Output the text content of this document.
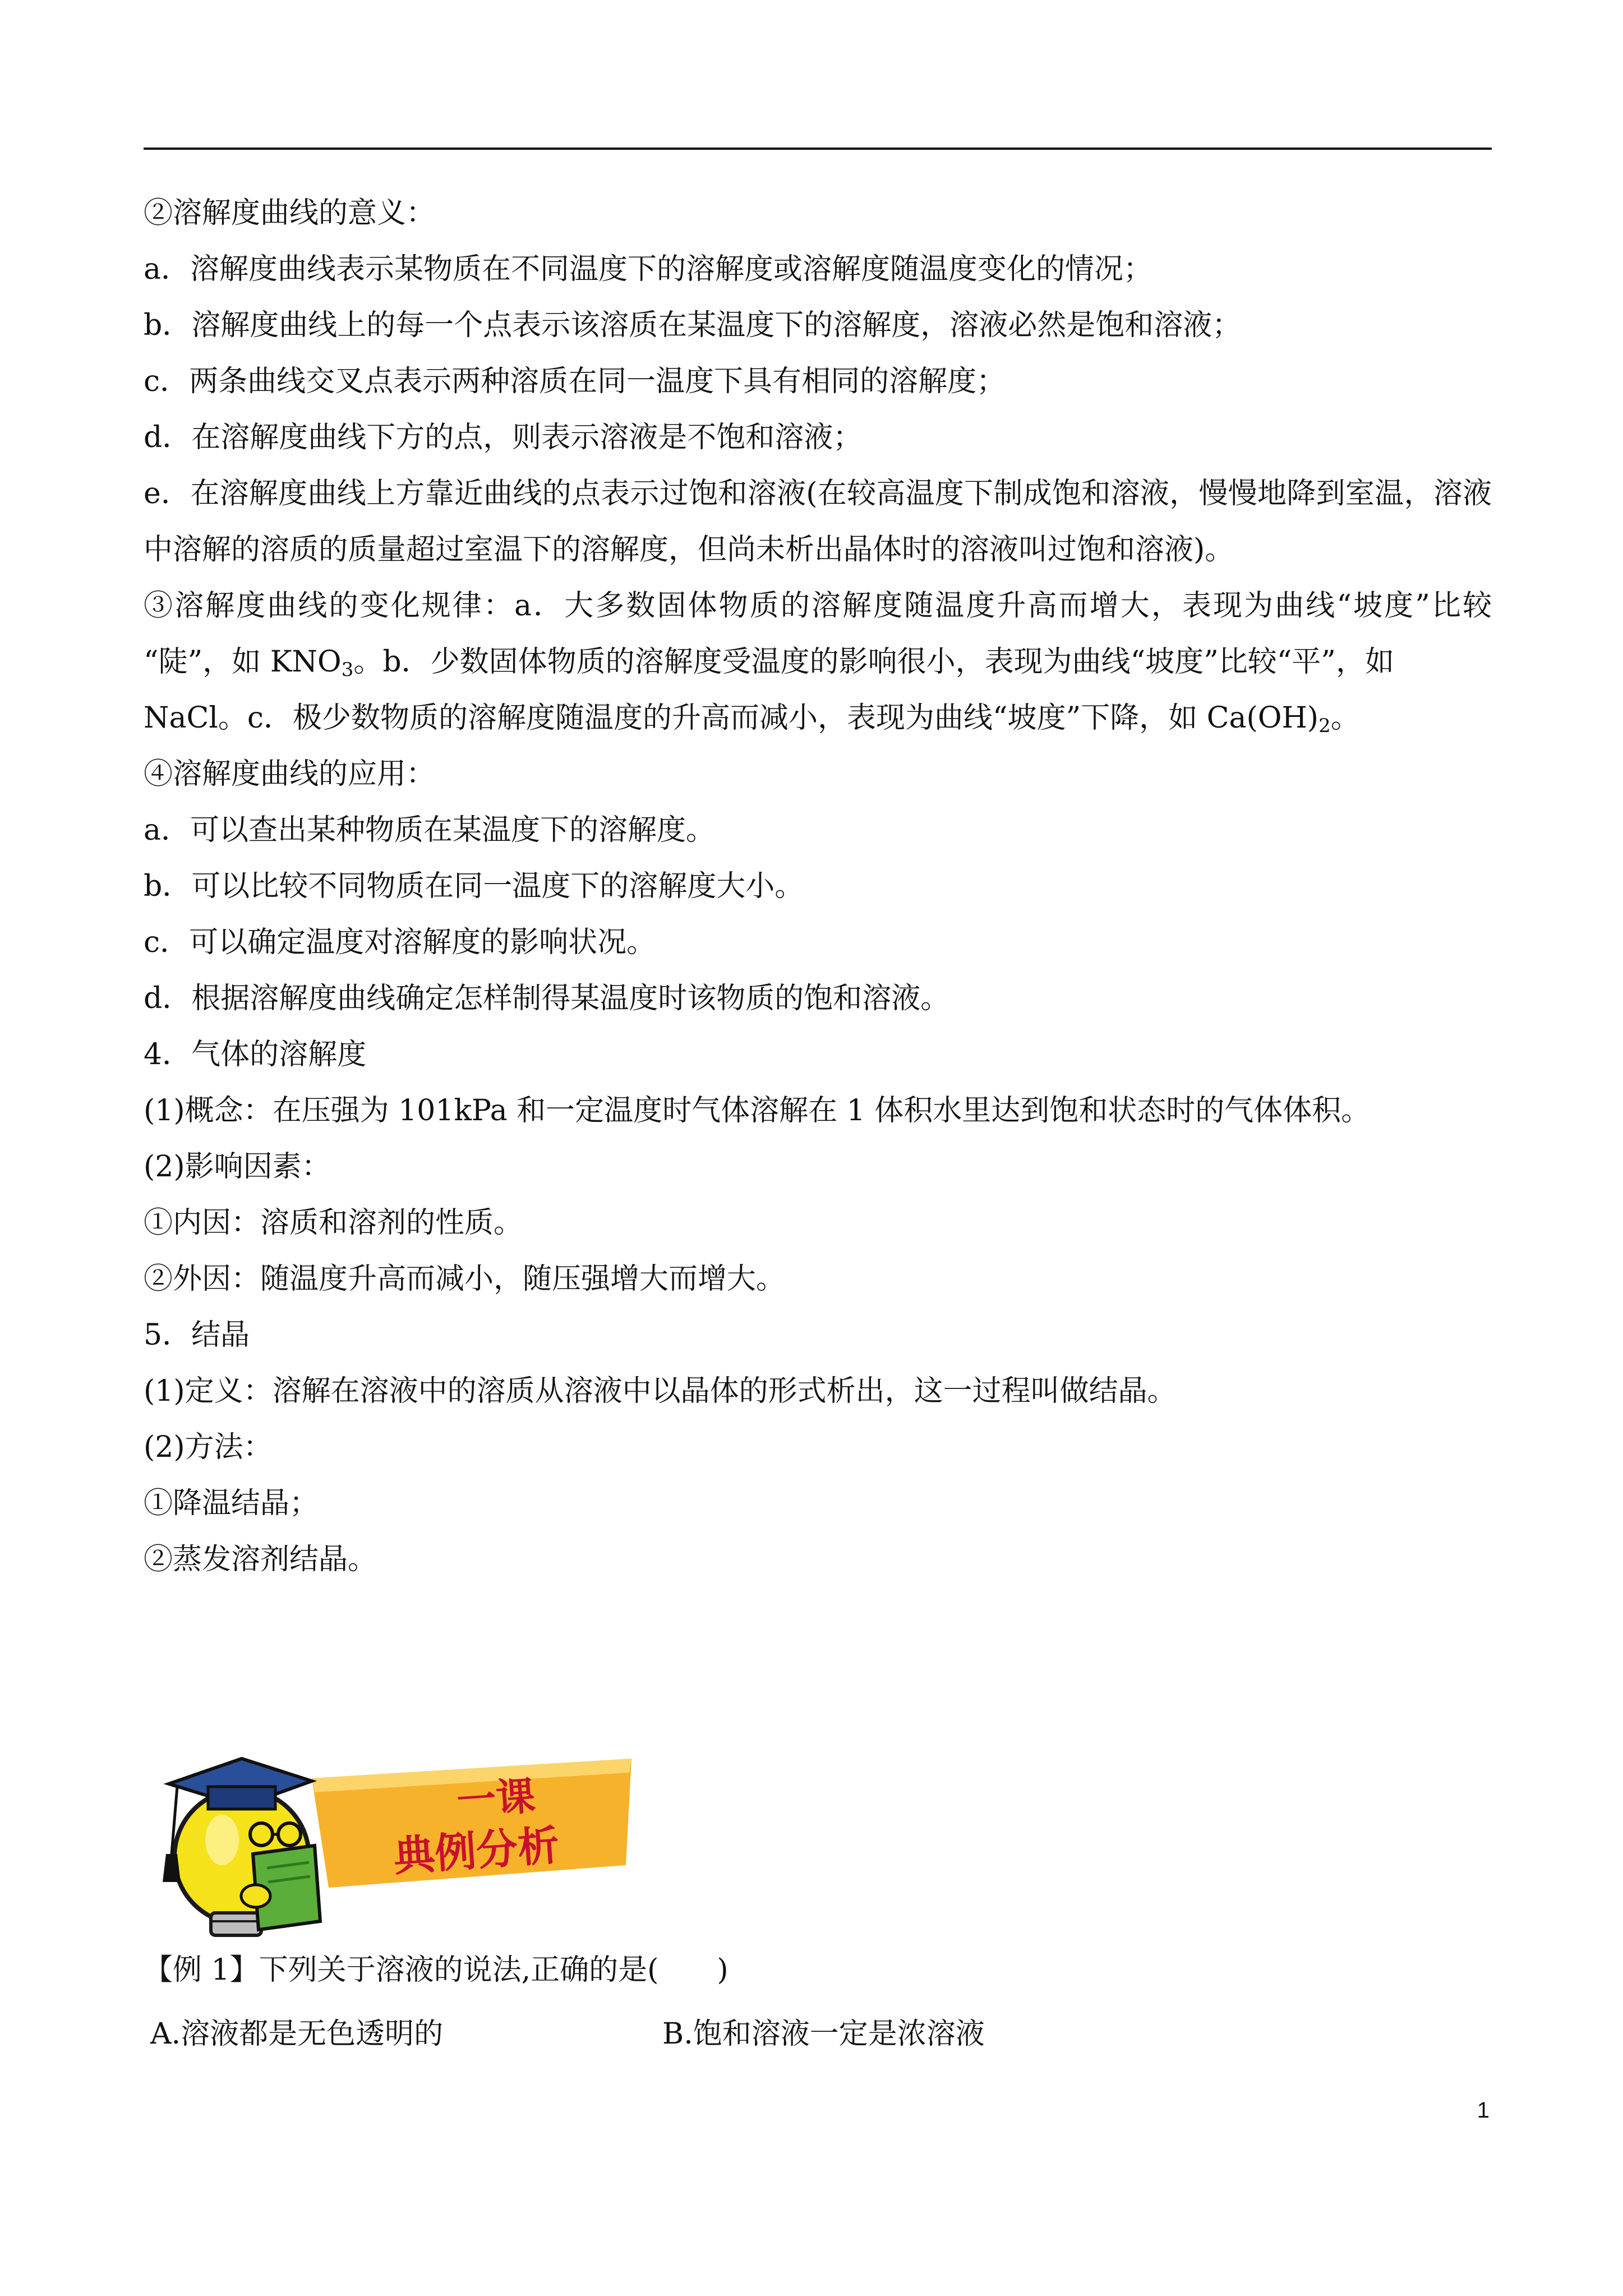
②溶解度曲线的意义：
a．溶解度曲线表示某物质在不同温度下的溶解度或溶解度随温度变化的情况；
b．溶解度曲线上的每一个点表示该溶质在某温度下的溶解度，溶液必然是饱和溶液；
c．两条曲线交叉点表示两种溶质在同一温度下具有相同的溶解度；
d．在溶解度曲线下方的点，则表示溶液是不饱和溶液；
e．在溶解度曲线上方靠近曲线的点表示过饱和溶液(在较高温度下制成饱和溶液，慢慢地降到室温，溶液
中溶解的溶质的质量超过室温下的溶解度，但尚未析出晶体时的溶液叫过饱和溶液)。
③溶解度曲线的变化规律：a．大多数固体物质的溶解度随温度升高而增大，表现为曲线“坡度”比较
“陡”，如 $KNO_3$。b．少数固体物质的溶解度受温度的影响很小，表现为曲线“坡度”比较“平”，如
NaCl。c．极少数物质的溶解度随温度的升高而减小，表现为曲线“坡度”下降，如 $Ca(OH)_2$。
④溶解度曲线的应用：
a．可以查出某种物质在某温度下的溶解度。
b．可以比较不同物质在同一温度下的溶解度大小。
c．可以确定温度对溶解度的影响状况。
d．根据溶解度曲线确定怎样制得某温度时该物质的饱和溶液。
4．气体的溶解度
(1)概念：在压强为 101kPa 和一定温度时气体溶解在 1 体积水里达到饱和状态时的气体体积。
(2)影响因素：
①内因：溶质和溶剂的性质。
②外因：随温度升高而减小，随压强增大而增大。
5．结晶
(1)定义：溶解在溶液中的溶质从溶液中以晶体的形式析出，这一过程叫做结晶。
(2)方法：
①降温结晶；
②蒸发溶剂结晶。
一课
典例分析
【例 1】下列关于溶液的说法,正确的是(　　)
A.溶液都是无色透明的	B.饱和溶液一定是浓溶液
1
